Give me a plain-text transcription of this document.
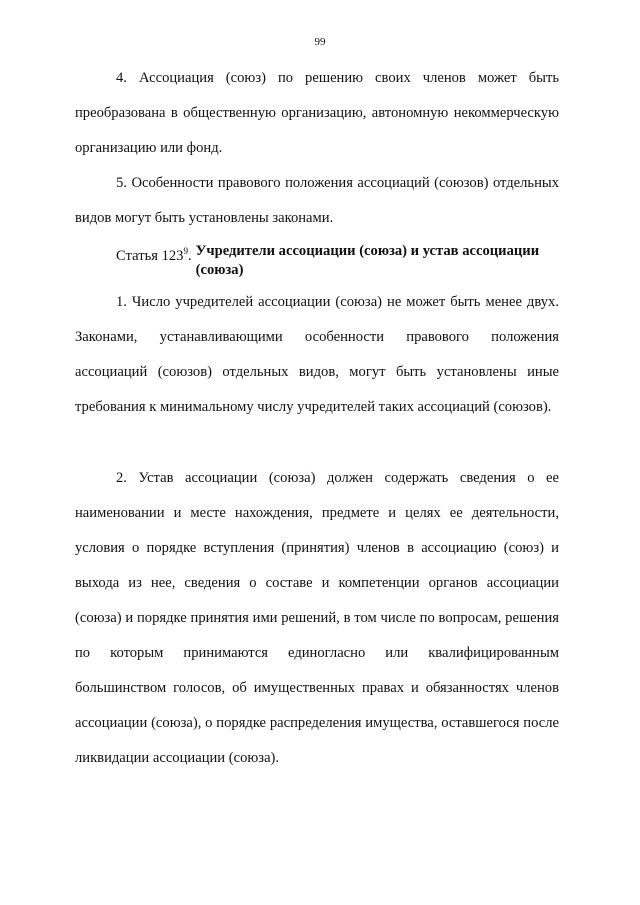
99

4. Ассоциация (союз) по решению своих членов может быть преобразована в общественную организацию, автономную некоммерческую организацию или фонд.

5. Особенности правового положения ассоциаций (союзов) отдельных видов могут быть установлены законами.

Статья $123^9$. Учредители ассоциации (союза) и устав ассоциации (союза)

1. Число учредителей ассоциации (союза) не может быть менее двух. Законами, устанавливающими особенности правового положения ассоциаций (союзов) отдельных видов, могут быть установлены иные требования к минимальному числу учредителей таких ассоциаций (союзов).

2. Устав ассоциации (союза) должен содержать сведения о ее наименовании и месте нахождения, предмете и целях ее деятельности, условия о порядке вступления (принятия) членов в ассоциацию (союз) и выхода из нее, сведения о составе и компетенции органов ассоциации (союза) и порядке принятия ими решений, в том числе по вопросам, решения по которым принимаются единогласно или квалифицированным большинством голосов, об имущественных правах и обязанностях членов ассоциации (союза), о порядке распределения имущества, оставшегося после ликвидации ассоциации (союза).
